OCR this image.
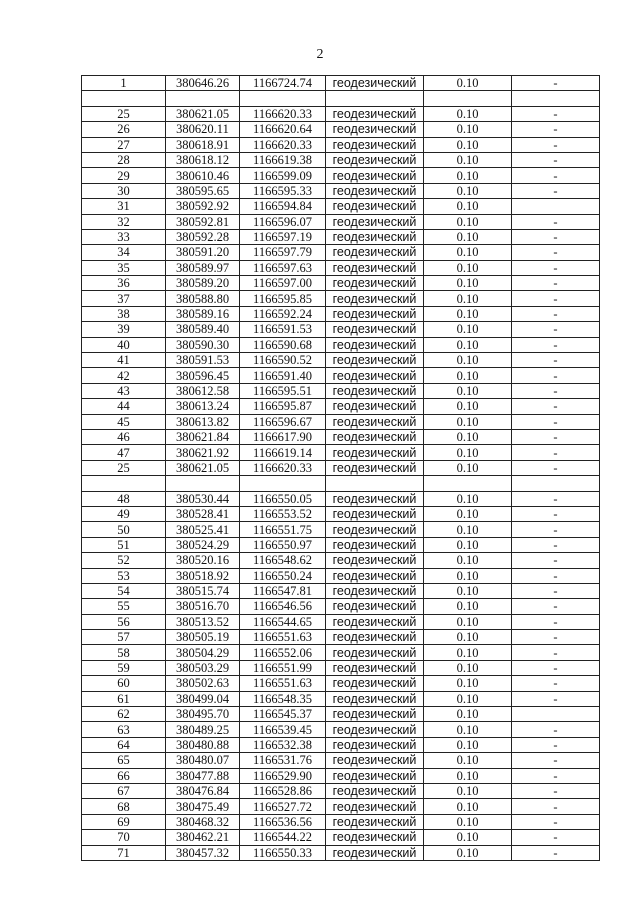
2
1	380646.26	1166724.74	геодезический	0.10	-

25	380621.05	1166620.33	геодезический	0.10	-
26	380620.11	1166620.64	геодезический	0.10	-
27	380618.91	1166620.33	геодезический	0.10	-
28	380618.12	1166619.38	геодезический	0.10	-
29	380610.46	1166599.09	геодезический	0.10	-
30	380595.65	1166595.33	геодезический	0.10	-
31	380592.92	1166594.84	геодезический	0.10	
32	380592.81	1166596.07	геодезический	0.10	-
33	380592.28	1166597.19	геодезический	0.10	-
34	380591.20	1166597.79	геодезический	0.10	-
35	380589.97	1166597.63	геодезический	0.10	-
36	380589.20	1166597.00	геодезический	0.10	-
37	380588.80	1166595.85	геодезический	0.10	-
38	380589.16	1166592.24	геодезический	0.10	-
39	380589.40	1166591.53	геодезический	0.10	-
40	380590.30	1166590.68	геодезический	0.10	-
41	380591.53	1166590.52	геодезический	0.10	-
42	380596.45	1166591.40	геодезический	0.10	-
43	380612.58	1166595.51	геодезический	0.10	-
44	380613.24	1166595.87	геодезический	0.10	-
45	380613.82	1166596.67	геодезический	0.10	-
46	380621.84	1166617.90	геодезический	0.10	-
47	380621.92	1166619.14	геодезический	0.10	-
25	380621.05	1166620.33	геодезический	0.10	-

48	380530.44	1166550.05	геодезический	0.10	-
49	380528.41	1166553.52	геодезический	0.10	-
50	380525.41	1166551.75	геодезический	0.10	-
51	380524.29	1166550.97	геодезический	0.10	-
52	380520.16	1166548.62	геодезический	0.10	-
53	380518.92	1166550.24	геодезический	0.10	-
54	380515.74	1166547.81	геодезический	0.10	-
55	380516.70	1166546.56	геодезический	0.10	-
56	380513.52	1166544.65	геодезический	0.10	-
57	380505.19	1166551.63	геодезический	0.10	-
58	380504.29	1166552.06	геодезический	0.10	-
59	380503.29	1166551.99	геодезический	0.10	-
60	380502.63	1166551.63	геодезический	0.10	-
61	380499.04	1166548.35	геодезический	0.10	-
62	380495.70	1166545.37	геодезический	0.10	
63	380489.25	1166539.45	геодезический	0.10	-
64	380480.88	1166532.38	геодезический	0.10	-
65	380480.07	1166531.76	геодезический	0.10	-
66	380477.88	1166529.90	геодезический	0.10	-
67	380476.84	1166528.86	геодезический	0.10	-
68	380475.49	1166527.72	геодезический	0.10	-
69	380468.32	1166536.56	геодезический	0.10	-
70	380462.21	1166544.22	геодезический	0.10	-
71	380457.32	1166550.33	геодезический	0.10	-
